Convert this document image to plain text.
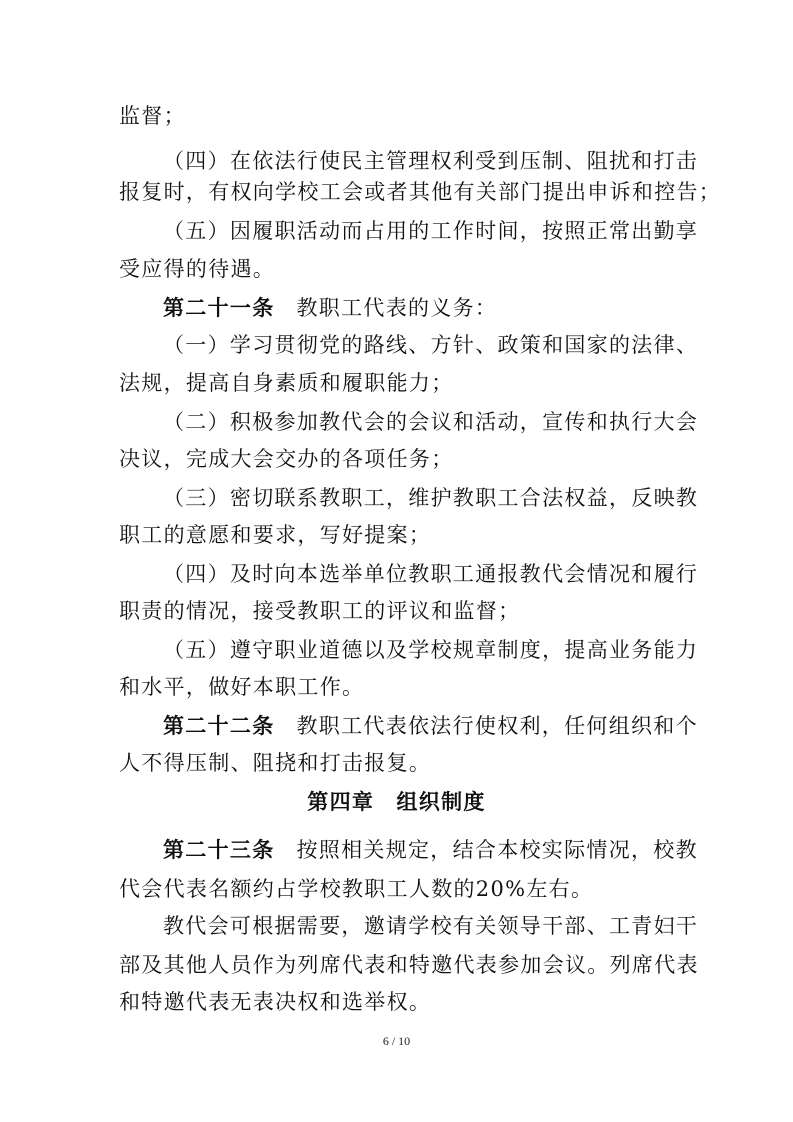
监督；
（四）在依法行使民主管理权利受到压制、阻扰和打击
报复时，有权向学校工会或者其他有关部门提出申诉和控告；
（五）因履职活动而占用的工作时间，按照正常出勤享
受应得的待遇。
第二十一条 教职工代表的义务：
（一）学习贯彻党的路线、方针、政策和国家的法律、
法规，提高自身素质和履职能力；
（二）积极参加教代会的会议和活动，宣传和执行大会
决议，完成大会交办的各项任务；
（三）密切联系教职工，维护教职工合法权益，反映教
职工的意愿和要求，写好提案；
（四）及时向本选举单位教职工通报教代会情况和履行
职责的情况，接受教职工的评议和监督；
（五）遵守职业道德以及学校规章制度，提高业务能力
和水平，做好本职工作。
第二十二条 教职工代表依法行使权利，任何组织和个
人不得压制、阻挠和打击报复。
第四章　组织制度
第二十三条 按照相关规定，结合本校实际情况，校教
代会代表名额约占学校教职工人数的20%左右。
教代会可根据需要，邀请学校有关领导干部、工青妇干
部及其他人员作为列席代表和特邀代表参加会议。列席代表
和特邀代表无表决权和选举权。
6 / 10
